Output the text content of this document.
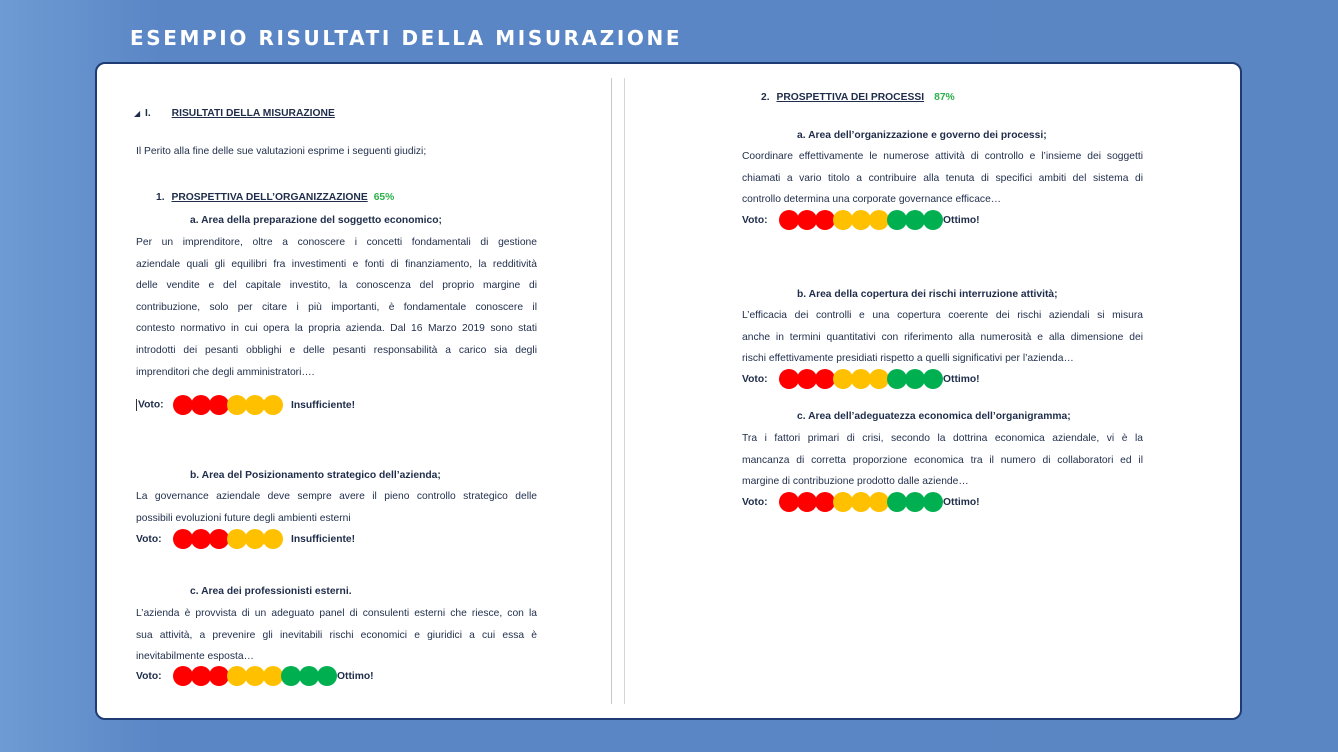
ESEMPIO RISULTATI DELLA MISURAZIONE
◢ I. RISULTATI DELLA MISURAZIONE
Il Perito alla fine delle sue valutazioni esprime i seguenti giudizi;
1. PROSPETTIVA DELL’ORGANIZZAZIONE 65%
a. Area della preparazione del soggetto economico;
Per un imprenditore, oltre a conoscere i concetti fondamentali di gestione
aziendale quali gli equilibri fra investimenti e fonti di finanziamento, la redditività
delle vendite e del capitale investito, la conoscenza del proprio margine di
contribuzione, solo per citare i più importanti, è fondamentale conoscere il
contesto normativo in cui opera la propria azienda. Dal 16 Marzo 2019 sono stati
introdotti dei pesanti obblighi e delle pesanti responsabilità a carico sia degli
imprenditori che degli amministratori….
Voto:	Insufficiente!
b. Area del Posizionamento strategico dell’azienda;
La governance aziendale deve sempre avere il pieno controllo strategico delle
possibili evoluzioni future degli ambienti esterni
Voto:	Insufficiente!
c. Area dei professionisti esterni.
L’azienda è provvista di un adeguato panel di consulenti esterni che riesce, con la
sua attività, a prevenire gli inevitabili rischi economici e giuridici a cui essa è
inevitabilmente esposta…
Voto:	Ottimo!
2. PROSPETTIVA DEI PROCESSI 87%
a. Area dell’organizzazione e governo dei processi;
Coordinare effettivamente le numerose attività di controllo e l’insieme dei soggetti
chiamati a vario titolo a contribuire alla tenuta di specifici ambiti del sistema di
controllo determina una corporate governance efficace…
Voto:	Ottimo!
b. Area della copertura dei rischi interruzione attività;
L’efficacia dei controlli e una copertura coerente dei rischi aziendali si misura
anche in termini quantitativi con riferimento alla numerosità e alla dimensione dei
rischi effettivamente presidiati rispetto a quelli significativi per l’azienda…
Voto:	Ottimo!
c. Area dell’adeguatezza economica dell’organigramma;
Tra i fattori primari di crisi, secondo la dottrina economica aziendale, vi è la
mancanza di corretta proporzione economica tra il numero di collaboratori ed il
margine di contribuzione prodotto dalle aziende…
Voto:	Ottimo!
